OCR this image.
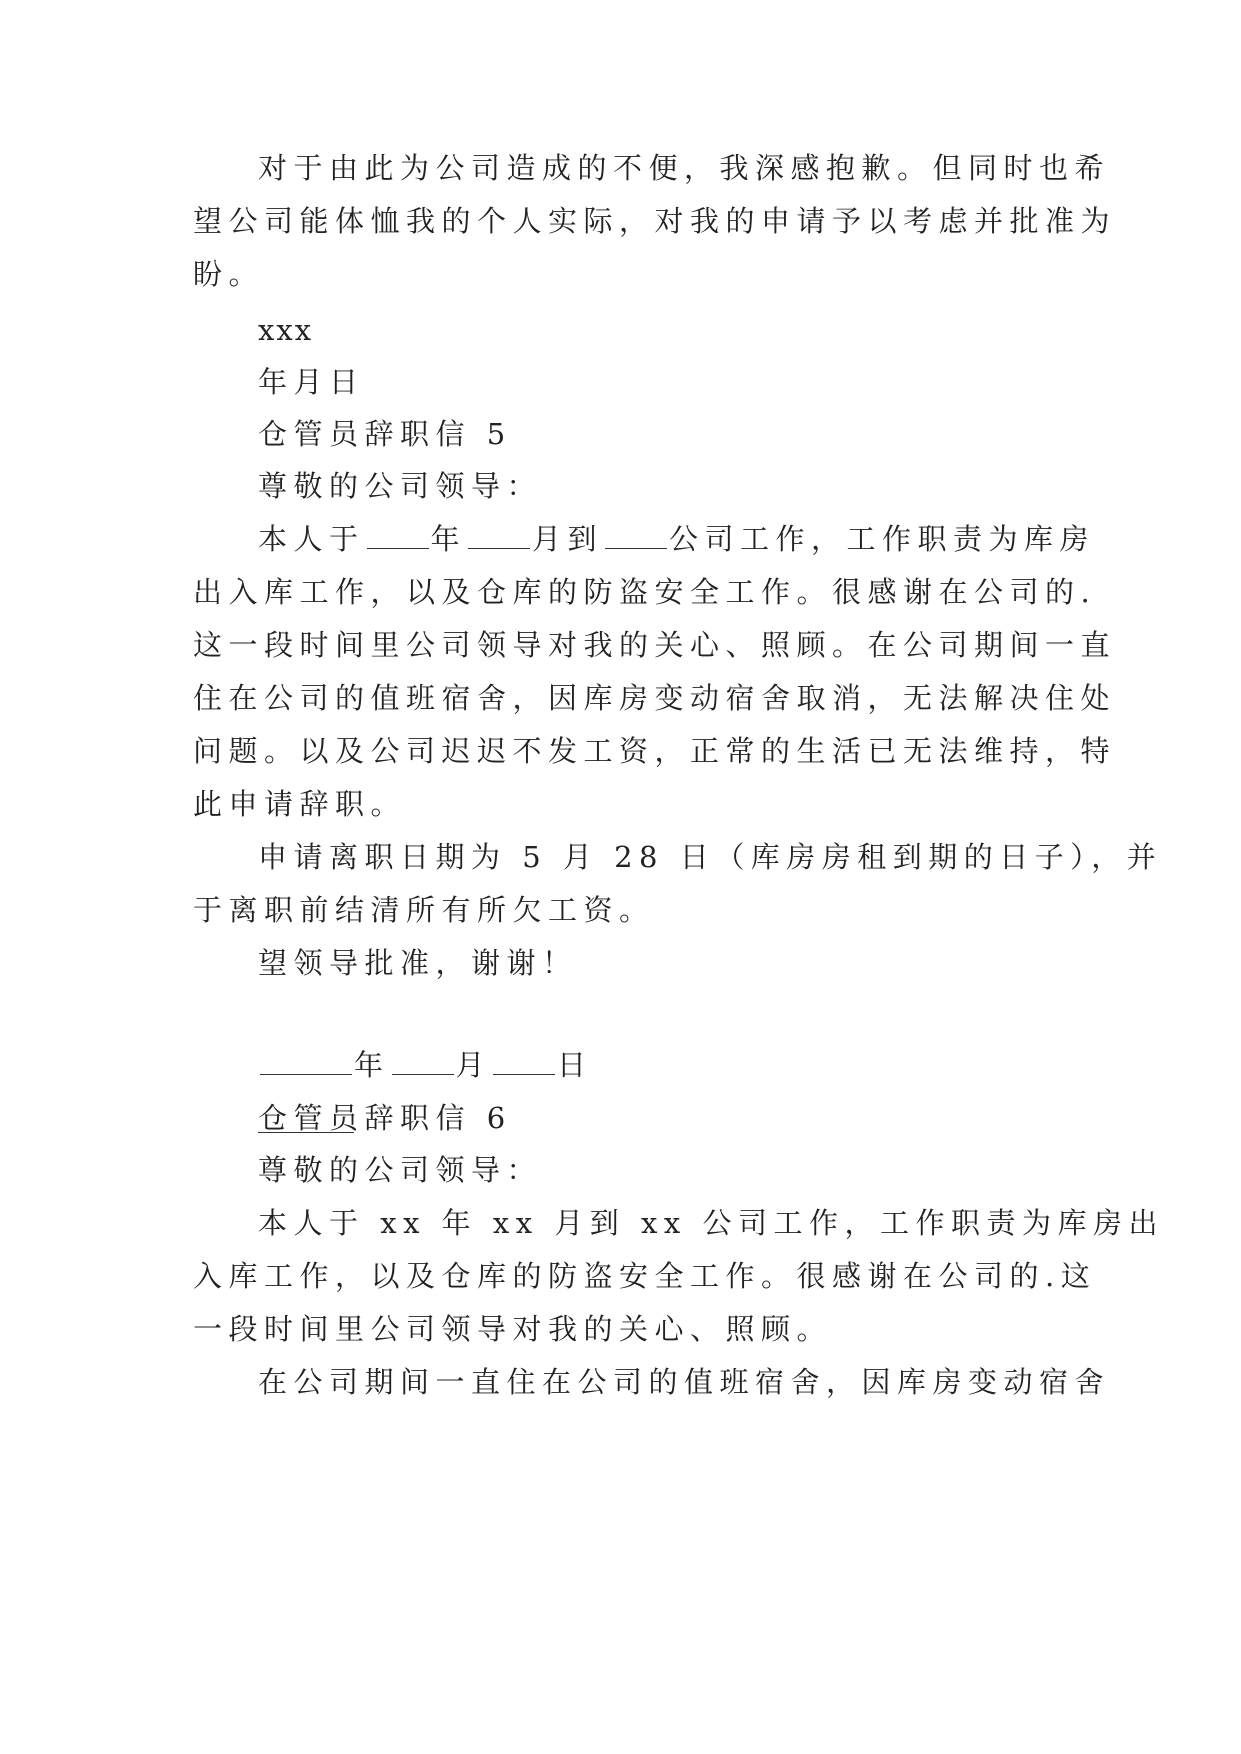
对于由此为公司造成的不便，我深感抱歉。但同时也希
望公司能体恤我的个人实际，对我的申请予以考虑并批准为
盼。
xxx
年月日
仓管员辞职信 5
尊敬的公司领导：
本人于 年 月到 公司工作，工作职责为库房
出入库工作，以及仓库的防盗安全工作。很感谢在公司的.
这一段时间里公司领导对我的关心、照顾。在公司期间一直
住在公司的值班宿舍，因库房变动宿舍取消，无法解决住处
问题。以及公司迟迟不发工资，正常的生活已无法维持，特
此申请辞职。
申请离职日期为 5 月 28 日（库房房租到期的日子），并
于离职前结清所有所欠工资。
望领导批准，谢谢！
年 月 日
仓管员辞职信 6
尊敬的公司领导：
本人于 xx 年 xx 月到 xx 公司工作，工作职责为库房出
入库工作，以及仓库的防盗安全工作。很感谢在公司的.这
一段时间里公司领导对我的关心、照顾。
在公司期间一直住在公司的值班宿舍，因库房变动宿舍
